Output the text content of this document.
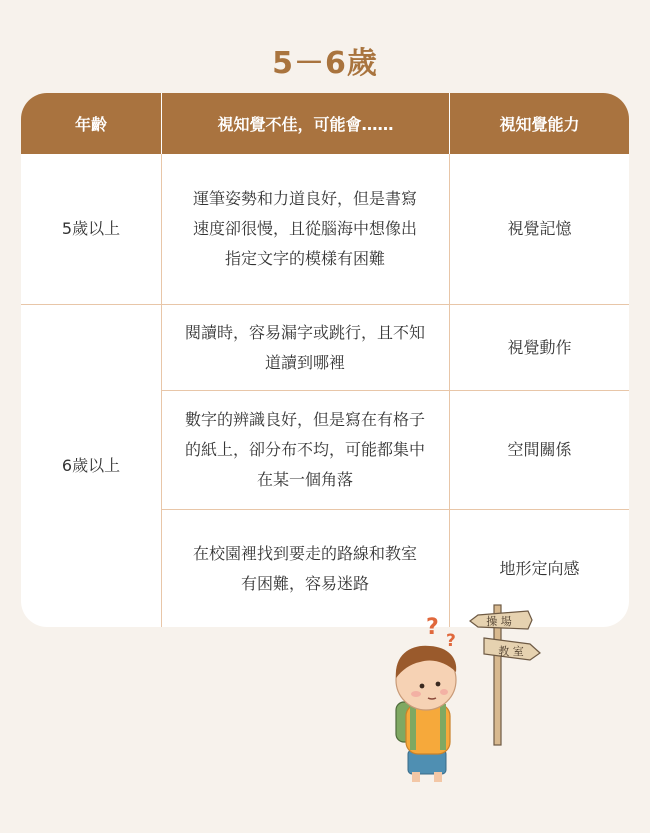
5－6歲
年齡	視知覺不佳，可能會……	視知覺能力
5歲以上
6歲以上
運筆姿勢和力道良好，但是書寫速度卻很慢，且從腦海中想像出指定文字的模樣有困難
閱讀時，容易漏字或跳行，且不知道讀到哪裡
數字的辨識良好，但是寫在有格子的紙上，卻分布不均，可能都集中在某一個角落
在校園裡找到要走的路線和教室有困難，容易迷路
視覺記憶
視覺動作
空間關係
地形定向感
操 場
教 室
?
?
